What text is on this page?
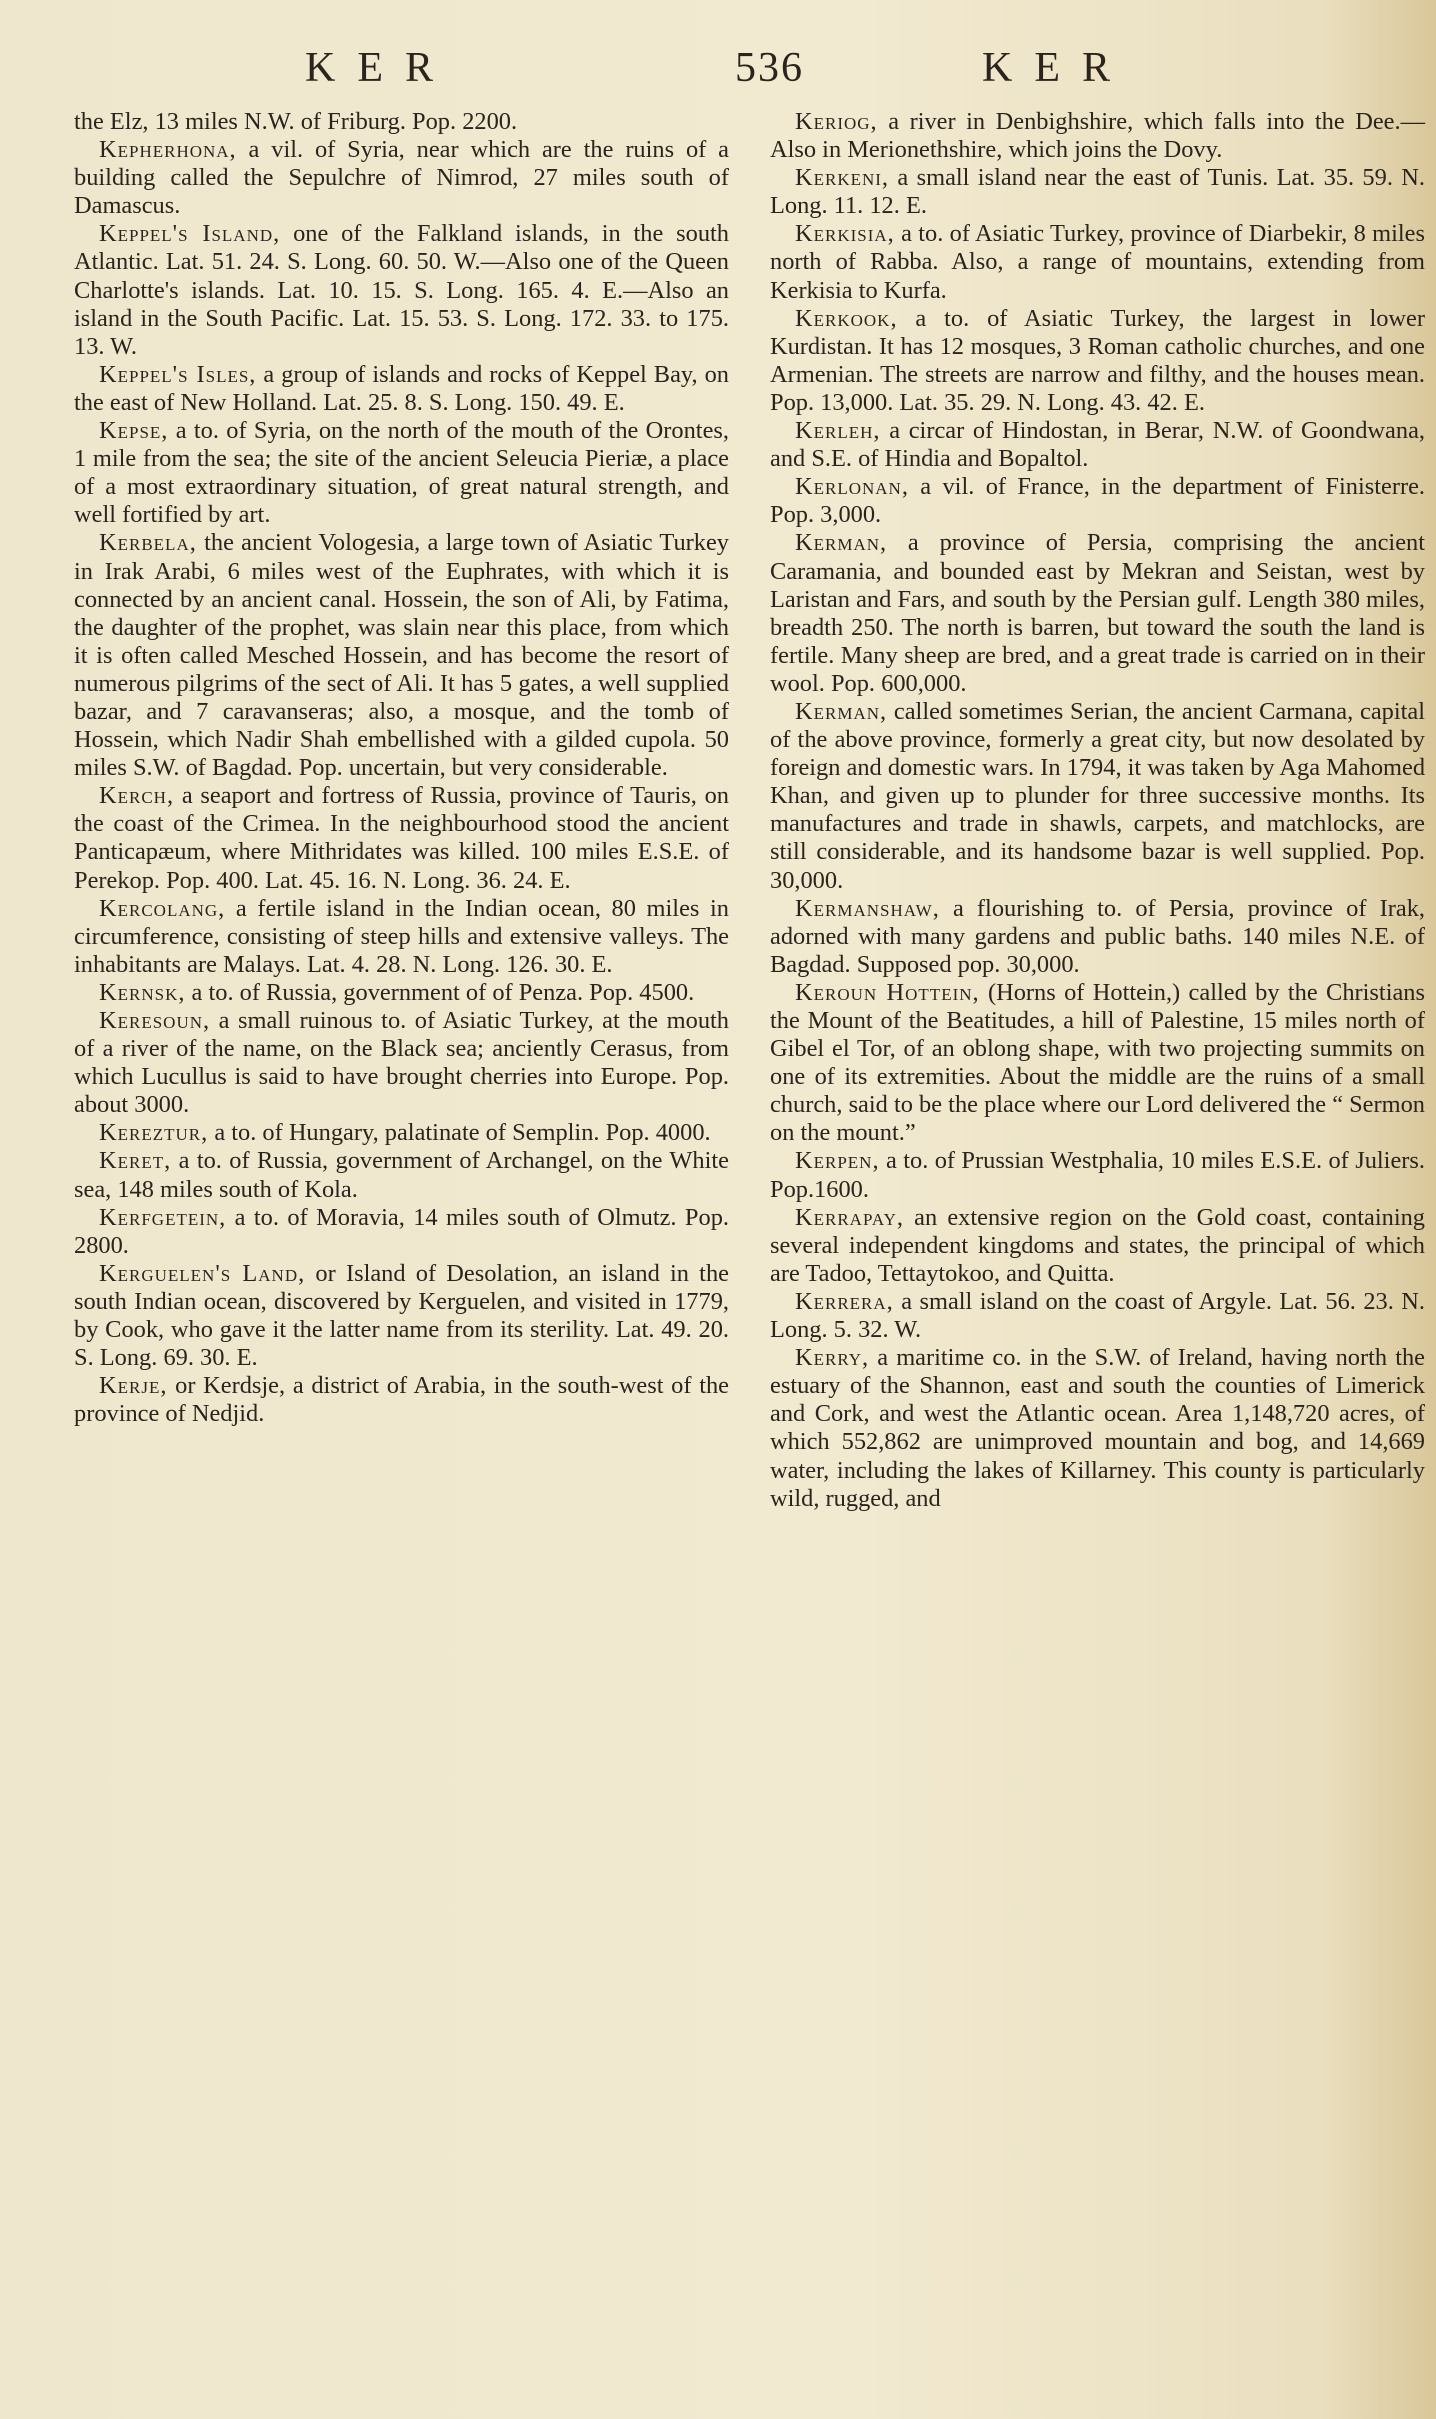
KER	536	KER

the Elz, 13 miles N.W. of Friburg. Pop. 2200.

Kepherhona, a vil. of Syria, near which are the ruins of a building called the Sepulchre of Nimrod, 27 miles south of Damascus.

Keppel's Island, one of the Falkland islands, in the south Atlantic. Lat. 51. 24. S. Long. 60. 50. W.—Also one of the Queen Charlotte's islands. Lat. 10. 15. S. Long. 165. 4. E.—Also an island in the South Pacific. Lat. 15. 53. S. Long. 172. 33. to 175. 13. W.

Keppel's Isles, a group of islands and rocks of Keppel Bay, on the east of New Holland. Lat. 25. 8. S. Long. 150. 49. E.

Kepse, a to. of Syria, on the north of the mouth of the Orontes, 1 mile from the sea; the site of the ancient Seleucia Pieriæ, a place of a most extraordinary situation, of great natural strength, and well fortified by art.

Kerbela, the ancient Vologesia, a large town of Asiatic Turkey in Irak Arabi, 6 miles west of the Euphrates, with which it is connected by an ancient canal. Hossein, the son of Ali, by Fatima, the daughter of the prophet, was slain near this place, from which it is often called Mesched Hossein, and has become the resort of numerous pilgrims of the sect of Ali. It has 5 gates, a well supplied bazar, and 7 caravanseras; also, a mosque, and the tomb of Hossein, which Nadir Shah embellished with a gilded cupola. 50 miles S.W. of Bagdad. Pop. uncertain, but very considerable.

Kerch, a seaport and fortress of Russia, province of Tauris, on the coast of the Crimea. In the neighbourhood stood the ancient Panticapæum, where Mithridates was killed. 100 miles E.S.E. of Perekop. Pop. 400. Lat. 45. 16. N. Long. 36. 24. E.

Kercolang, a fertile island in the Indian ocean, 80 miles in circumference, consisting of steep hills and extensive valleys. The inhabitants are Malays. Lat. 4. 28. N. Long. 126. 30. E.

Kernsk, a to. of Russia, government of of Penza. Pop. 4500.

Keresoun, a small ruinous to. of Asiatic Turkey, at the mouth of a river of the name, on the Black sea; anciently Cerasus, from which Lucullus is said to have brought cherries into Europe. Pop. about 3000.

Kereztur, a to. of Hungary, palatinate of Semplin. Pop. 4000.

Keret, a to. of Russia, government of Archangel, on the White sea, 148 miles south of Kola.

Kerfgetein, a to. of Moravia, 14 miles south of Olmutz. Pop. 2800.

Kerguelen's Land, or Island of Desolation, an island in the south Indian ocean, discovered by Kerguelen, and visited in 1779, by Cook, who gave it the latter name from its sterility. Lat. 49. 20. S. Long. 69. 30. E.

Kerje, or Kerdsje, a district of Arabia, in the south-west of the province of Nedjid.

Keriog, a river in Denbighshire, which falls into the Dee.—Also in Merionethshire, which joins the Dovy.

Kerkeni, a small island near the east of Tunis. Lat. 35. 59. N. Long. 11. 12. E.

Kerkisia, a to. of Asiatic Turkey, province of Diarbekir, 8 miles north of Rabba. Also, a range of mountains, extending from Kerkisia to Kurfa.

Kerkook, a to. of Asiatic Turkey, the largest in lower Kurdistan. It has 12 mosques, 3 Roman catholic churches, and one Armenian. The streets are narrow and filthy, and the houses mean. Pop. 13,000. Lat. 35. 29. N. Long. 43. 42. E.

Kerleh, a circar of Hindostan, in Berar, N.W. of Goondwana, and S.E. of Hindia and Bopaltol.

Kerlonan, a vil. of France, in the department of Finisterre. Pop. 3,000.

Kerman, a province of Persia, comprising the ancient Caramania, and bounded east by Mekran and Seistan, west by Laristan and Fars, and south by the Persian gulf. Length 380 miles, breadth 250. The north is barren, but toward the south the land is fertile. Many sheep are bred, and a great trade is carried on in their wool. Pop. 600,000.

Kerman, called sometimes Serian, the ancient Carmana, capital of the above province, formerly a great city, but now desolated by foreign and domestic wars. In 1794, it was taken by Aga Mahomed Khan, and given up to plunder for three successive months. Its manufactures and trade in shawls, carpets, and matchlocks, are still considerable, and its handsome bazar is well supplied. Pop. 30,000.

Kermanshaw, a flourishing to. of Persia, province of Irak, adorned with many gardens and public baths. 140 miles N.E. of Bagdad. Supposed pop. 30,000.

Keroun Hottein, (Horns of Hottein,) called by the Christians the Mount of the Beatitudes, a hill of Palestine, 15 miles north of Gibel el Tor, of an oblong shape, with two projecting summits on one of its extremities. About the middle are the ruins of a small church, said to be the place where our Lord delivered the “ Sermon on the mount.”

Kerpen, a to. of Prussian Westphalia, 10 miles E.S.E. of Juliers. Pop.1600.

Kerrapay, an extensive region on the Gold coast, containing several independent kingdoms and states, the principal of which are Tadoo, Tettaytokoo, and Quitta.

Kerrera, a small island on the coast of Argyle. Lat. 56. 23. N. Long. 5. 32. W.

Kerry, a maritime co. in the S.W. of Ireland, having north the estuary of the Shannon, east and south the counties of Limerick and Cork, and west the Atlantic ocean. Area 1,148,720 acres, of which 552,862 are unimproved mountain and bog, and 14,669 water, including the lakes of Killarney. This county is particularly wild, rugged, and
